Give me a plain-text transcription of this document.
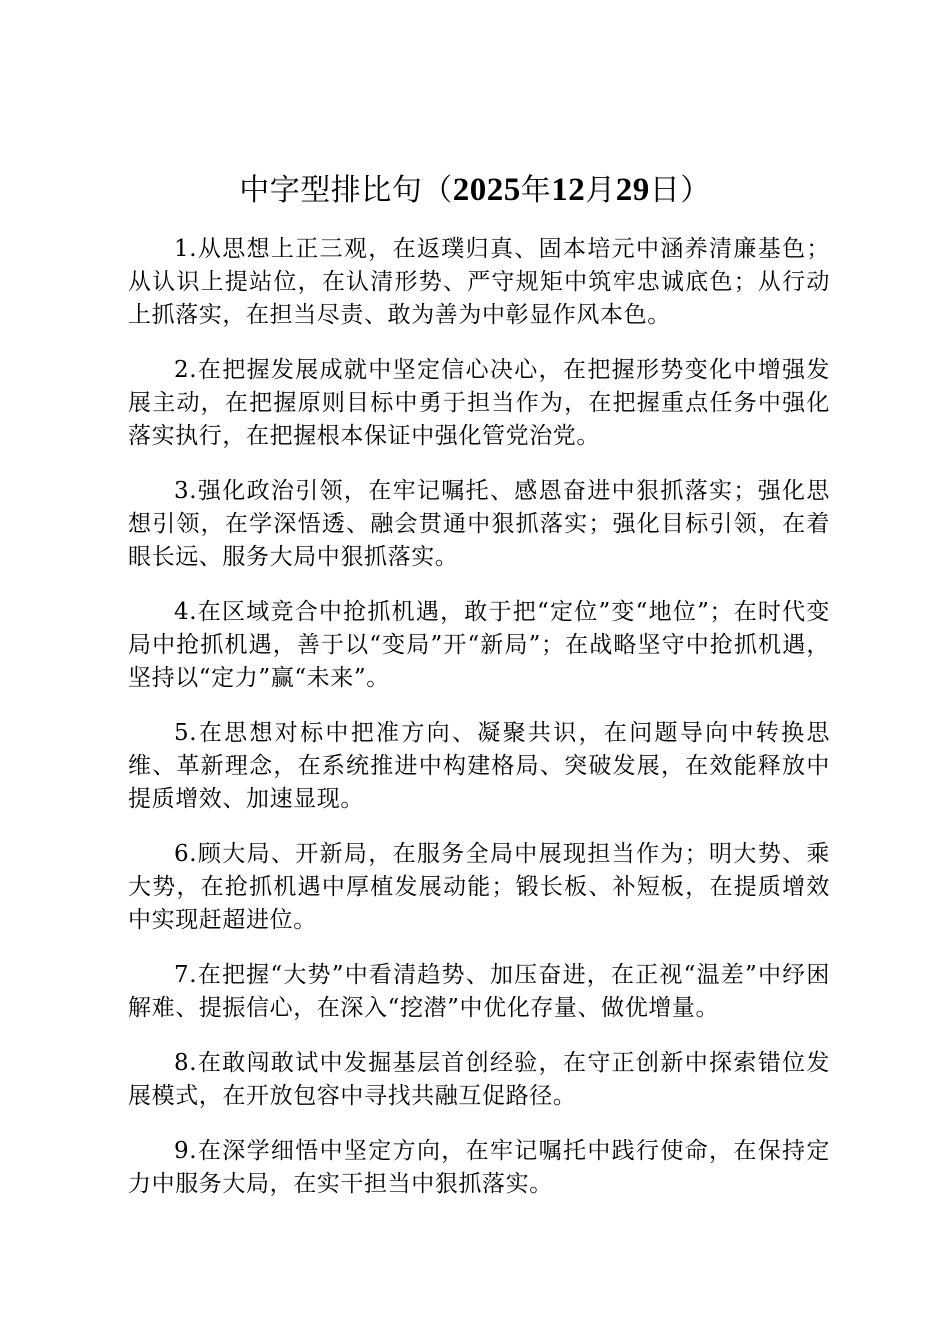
中字型排比句（2025年12月29日）

1.从思想上正三观，在返璞归真、固本培元中涵养清廉基色；从认识上提站位，在认清形势、严守规矩中筑牢忠诚底色；从行动上抓落实，在担当尽责、敢为善为中彰显作风本色。

2.在把握发展成就中坚定信心决心，在把握形势变化中增强发展主动，在把握原则目标中勇于担当作为，在把握重点任务中强化落实执行，在把握根本保证中强化管党治党。

3.强化政治引领，在牢记嘱托、感恩奋进中狠抓落实；强化思想引领，在学深悟透、融会贯通中狠抓落实；强化目标引领，在着眼长远、服务大局中狠抓落实。

4.在区域竞合中抢抓机遇，敢于把“定位”变“地位”；在时代变局中抢抓机遇，善于以“变局”开“新局”；在战略坚守中抢抓机遇，坚持以“定力”赢“未来”。

5.在思想对标中把准方向、凝聚共识，在问题导向中转换思维、革新理念，在系统推进中构建格局、突破发展，在效能释放中提质增效、加速显现。

6.顾大局、开新局，在服务全局中展现担当作为；明大势、乘大势，在抢抓机遇中厚植发展动能；锻长板、补短板，在提质增效中实现赶超进位。

7.在把握“大势”中看清趋势、加压奋进，在正视“温差”中纾困解难、提振信心，在深入“挖潜”中优化存量、做优增量。

8.在敢闯敢试中发掘基层首创经验，在守正创新中探索错位发展模式，在开放包容中寻找共融互促路径。

9.在深学细悟中坚定方向，在牢记嘱托中践行使命，在保持定力中服务大局，在实干担当中狠抓落实。
